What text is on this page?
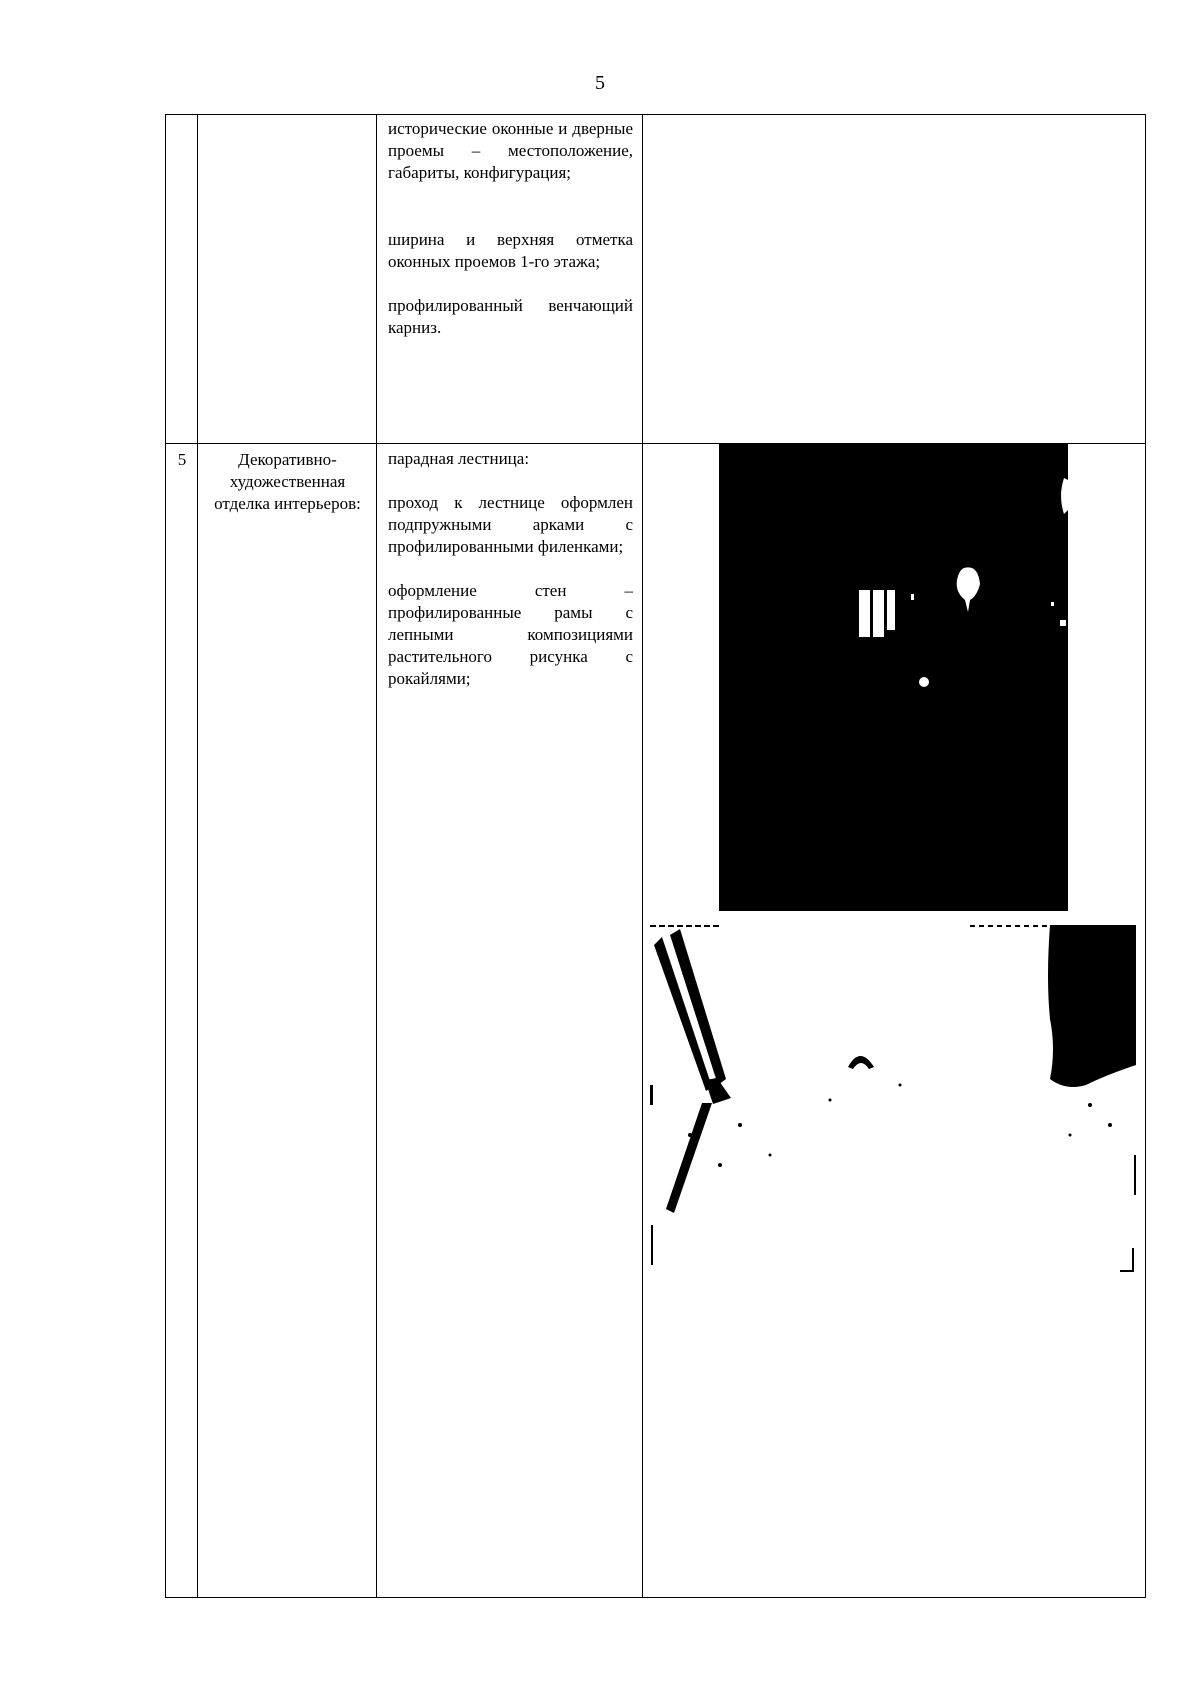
5

исторические оконные и дверные проемы – местоположение, габариты, конфигурация;

ширина и верхняя отметка оконных проемов 1-го этажа;

профилированный венчающий карниз.

5	Декоративно-художественная отделка интерьеров:

парадная лестница:

проход к лестнице оформлен подпружными арками с профилированными филенками;

оформление стен – профилированные рамы с лепными композициями растительного рисунка с рокайлями;
